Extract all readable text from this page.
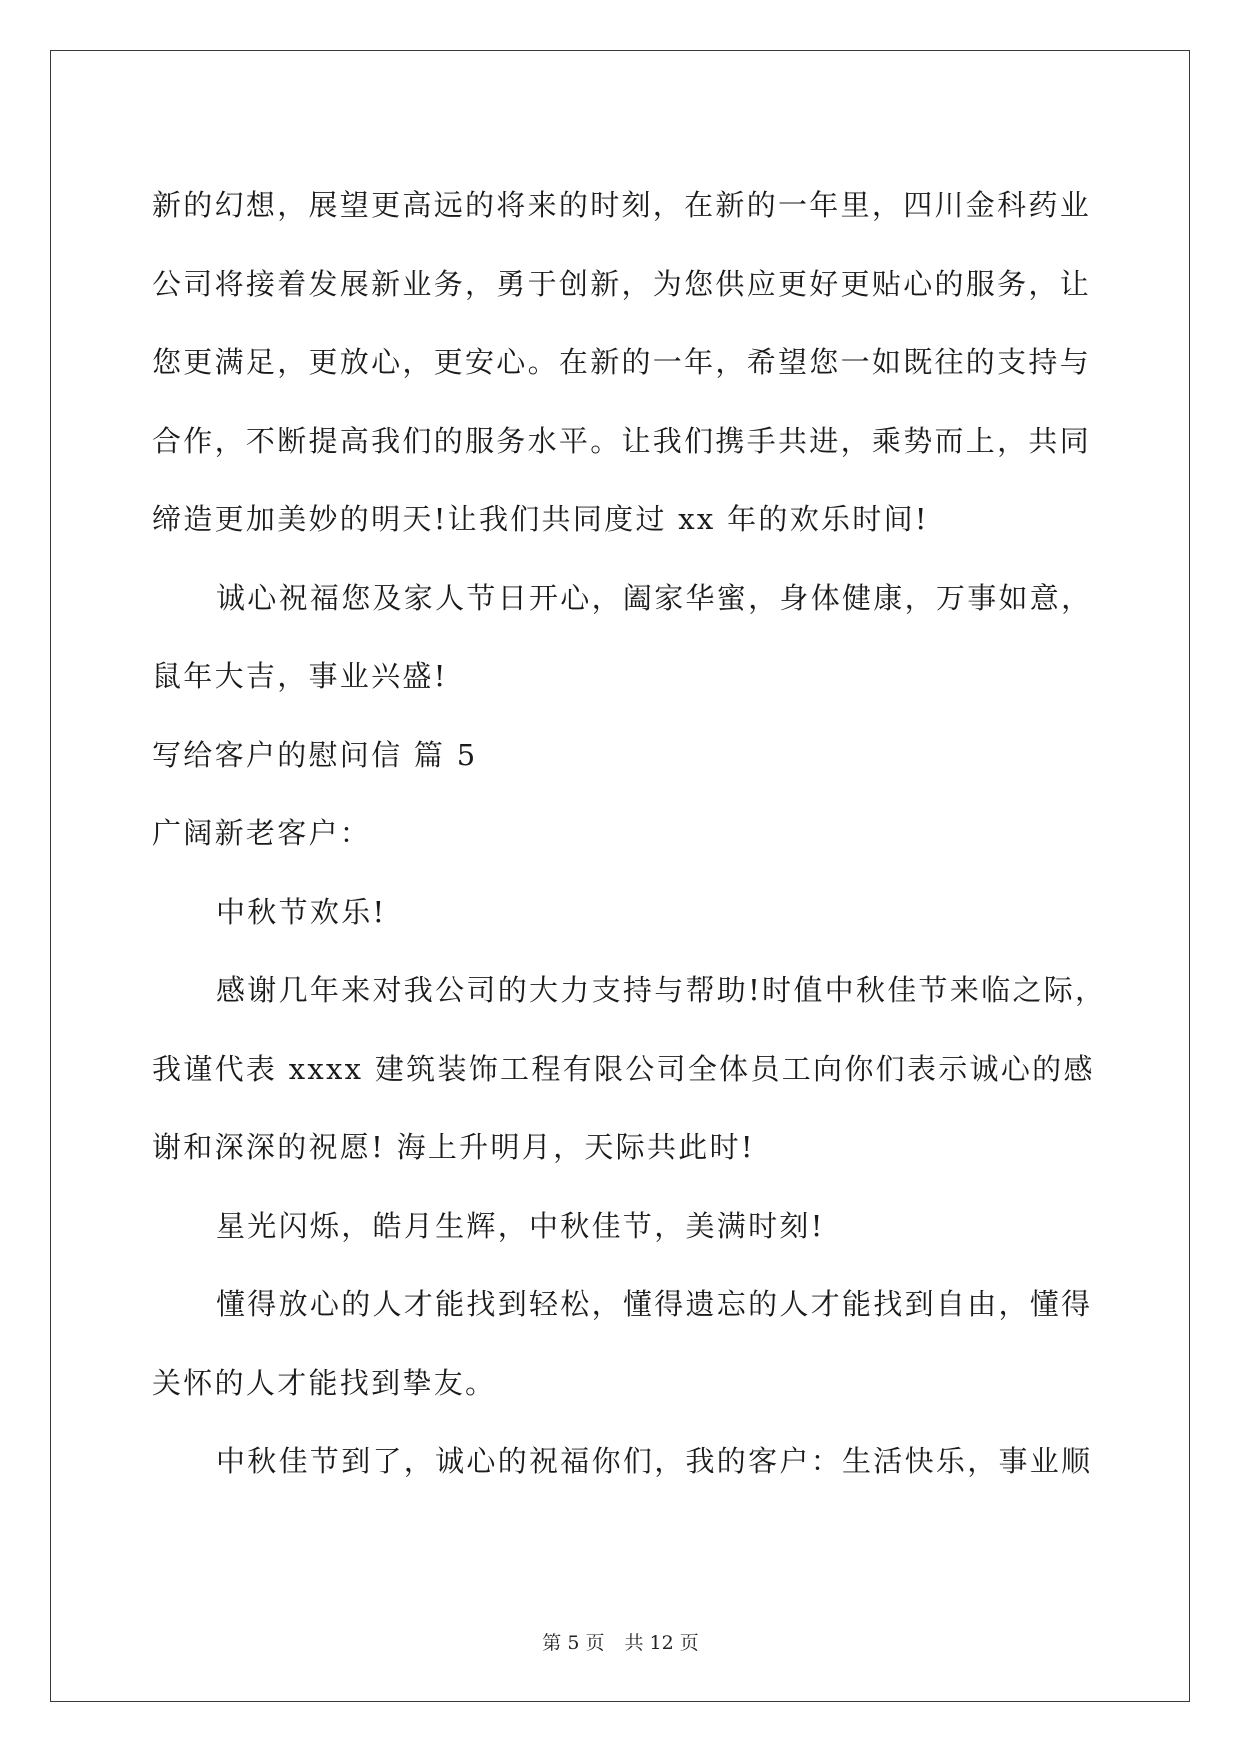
新的幻想，展望更高远的将来的时刻，在新的一年里，四川金科药业
公司将接着发展新业务，勇于创新，为您供应更好更贴心的服务，让
您更满足，更放心，更安心。在新的一年，希望您一如既往的支持与
合作，不断提高我们的服务水平。让我们携手共进，乘势而上，共同
缔造更加美妙的明天!让我们共同度过 xx 年的欢乐时间!
诚心祝福您及家人节日开心，阖家华蜜，身体健康，万事如意，
鼠年大吉，事业兴盛!
写给客户的慰问信 篇 5
广阔新老客户：
中秋节欢乐!
感谢几年来对我公司的大力支持与帮助!时值中秋佳节来临之际，
我谨代表 xxxx 建筑装饰工程有限公司全体员工向你们表示诚心的感
谢和深深的祝愿! 海上升明月，天际共此时!
星光闪烁，皓月生辉，中秋佳节，美满时刻!
懂得放心的人才能找到轻松，懂得遗忘的人才能找到自由，懂得
关怀的人才能找到挚友。
中秋佳节到了，诚心的祝福你们，我的客户：生活快乐，事业顺
第 5 页 共 12 页
